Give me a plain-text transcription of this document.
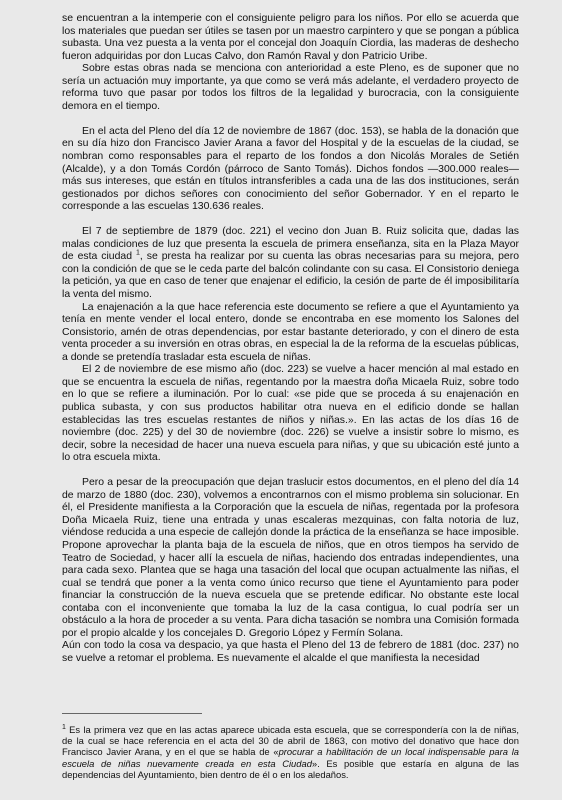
se encuentran a la intemperie con el consiguiente peligro para los niños. Por ello se acuerda que los materiales que puedan ser útiles se tasen por un maestro carpintero y que se pongan a pública subasta. Una vez puesta a la venta por el concejal don Joaquín Ciordia, las maderas de deshecho fueron adquiridas por don Lucas Calvo, don Ramón Raval y don Patricio Uribe.

Sobre estas obras nada se menciona con anterioridad a este Pleno, es de suponer que no sería un actuación muy importante, ya que como se verá más adelante, el verdadero proyecto de reforma tuvo que pasar por todos los filtros de la legalidad y burocracia, con la consiguiente demora en el tiempo.

En el acta del Pleno del día 12 de noviembre de 1867 (doc. 153), se habla de la donación que en su día hizo don Francisco Javier Arana a favor del Hospital y de la escuelas de la ciudad, se nombran como responsables para el reparto de los fondos a don Nicolás Morales de Setién (Alcalde), y a don Tomás Cordón (párroco de Santo Tomás). Dichos fondos —300.000 reales— más sus intereses, que están en títulos intransferibles a cada una de las dos instituciones, serán gestionados por dichos señores con conocimiento del señor Gobernador. Y en el reparto le corresponde a las escuelas 130.636 reales.

El 7 de septiembre de 1879 (doc. 221) el vecino don Juan B. Ruiz solicita que, dadas las malas condiciones de luz que presenta la escuela de primera enseñanza, sita en la Plaza Mayor de esta ciudad $^1$, se presta ha realizar por su cuenta las obras necesarias para su mejora, pero con la condición de que se le ceda parte del balcón colindante con su casa. El Consistorio deniega la petición, ya que en caso de tener que enajenar el edificio, la cesión de parte de él imposibilitaría la venta del mismo.

La enajenación a la que hace referencia este documento se refiere a que el Ayuntamiento ya tenía en mente vender el local entero, donde se encontraba en ese momento los Salones del Consistorio, amén de otras dependencias, por estar bastante deteriorado, y con el dinero de esta venta proceder a su inversión en otras obras, en especial la de la reforma de la escuelas públicas, a donde se pretendía trasladar esta escuela de niñas.

El 2 de noviembre de ese mismo año (doc. 223) se vuelve a hacer mención al mal estado en que se encuentra la escuela de niñas, regentando por la maestra doña Micaela Ruiz, sobre todo en lo que se refiere a iluminación. Por lo cual: «se pide que se proceda á su enajenación en publica subasta, y con sus productos habilitar otra nueva en el edificio donde se hallan establecidas las tres escuelas restantes de niños y niñas.». En las actas de los días 16 de noviembre (doc. 225) y del 30 de noviembre (doc. 226) se vuelve a insistir sobre lo mismo, es decir, sobre la necesidad de hacer una nueva escuela para niñas, y que su ubicación esté junto a lo otra escuela mixta.

Pero a pesar de la preocupación que dejan traslucir estos documentos, en el pleno del día 14 de marzo de 1880 (doc. 230), volvemos a encontrarnos con el mismo problema sin solucionar. En él, el Presidente manifiesta a la Corporación que la escuela de niñas, regentada por la profesora Doña Micaela Ruiz, tiene una entrada y unas escaleras mezquinas, con falta notoria de luz, viéndose reducida a una especie de callejón donde la práctica de la enseñanza se hace imposible. Propone aprovechar la planta baja de la escuela de niños, que en otros tiempos ha servido de Teatro de Sociedad, y hacer allí la escuela de niñas, haciendo dos entradas independientes, una para cada sexo. Plantea que se haga una tasación del local que ocupan actualmente las niñas, el cual se tendrá que poner a la venta como único recurso que tiene el Ayuntamiento para poder financiar la construcción de la nueva escuela que se pretende edificar. No obstante este local contaba con el inconveniente que tomaba la luz de la casa contigua, lo cual podría ser un obstáculo a la hora de proceder a su venta. Para dicha tasación se nombra una Comisión formada por el propio alcalde y los concejales D. Gregorio López y Fermín Solana.

Aún con todo la cosa va despacio, ya que hasta el Pleno del 13 de febrero de 1881 (doc. 237) no se vuelve a retomar el problema. Es nuevamente el alcalde el que manifiesta la necesidad

$^1$ Es la primera vez que en las actas aparece ubicada esta escuela, que se correspondería con la de niñas, de la cual se hace referencia en el acta del 30 de abril de 1863, con motivo del donativo que hace don Francisco Javier Arana, y en el que se habla de «procurar a habilitación de un local indispensable para la escuela de niñas nuevamente creada en esta Ciudad». Es posible que estaría en alguna de las dependencias del Ayuntamiento, bien dentro de él o en los aledaños.
